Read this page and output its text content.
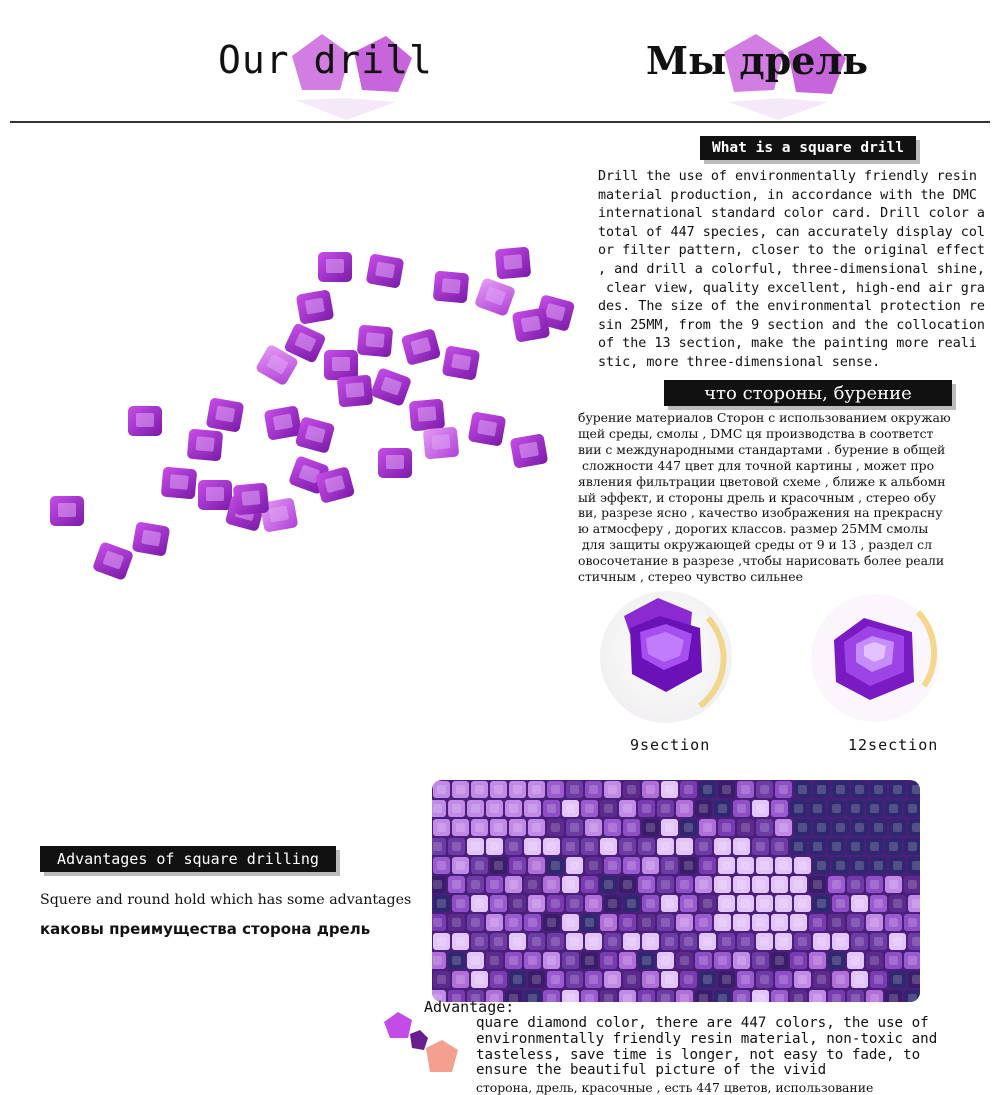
Our drill	Мы дрель
What is a square drill
Drill the use of environmentally friendly resin
material production, in accordance with the DMC
international standard color card. Drill color a
total of 447 species, can accurately display col
or filter pattern, closer to the original effect
, and drill a colorful, three-dimensional shine,
clear view, quality excellent, high-end air gra
des. The size of the environmental protection re
sin 25MM, from the 9 section and the collocation
of the 13 section, make the painting more reali
stic, more three-dimensional sense.
что стороны, бурение
бурение материалов Сторон с использованием окружаю
щей среды, смолы , DMC ця производства в соответст
вии с международными стандартами . бурение в общей
сложности 447 цвет для точной картины , может про
явления фильтрации цветовой схеме , ближе к альбомн
ый эффект, и стороны дрель и красочным , стерео обу
ви, разрезе ясно , качество изображения на прекрасну
ю атмосферу , дорогих классов. размер 25MM смолы
для защиты окружающей среды от 9 и 13 , раздел сл
овосочетание в разрезе ,чтобы нарисовать более реали
стичным , стерео чувство сильнее
9section	12section
Advantages of square drilling
Squere and round hold which has some advantages
каковы преимущества сторона дрель
Advantage:
quare diamond color, there are 447 colors, the use of
environmentally friendly resin material, non-toxic and
tasteless, save time is longer, not easy to fade, to
ensure the beautiful picture of the vivid
сторона, дрель, красочные , есть 447 цветов, использование
